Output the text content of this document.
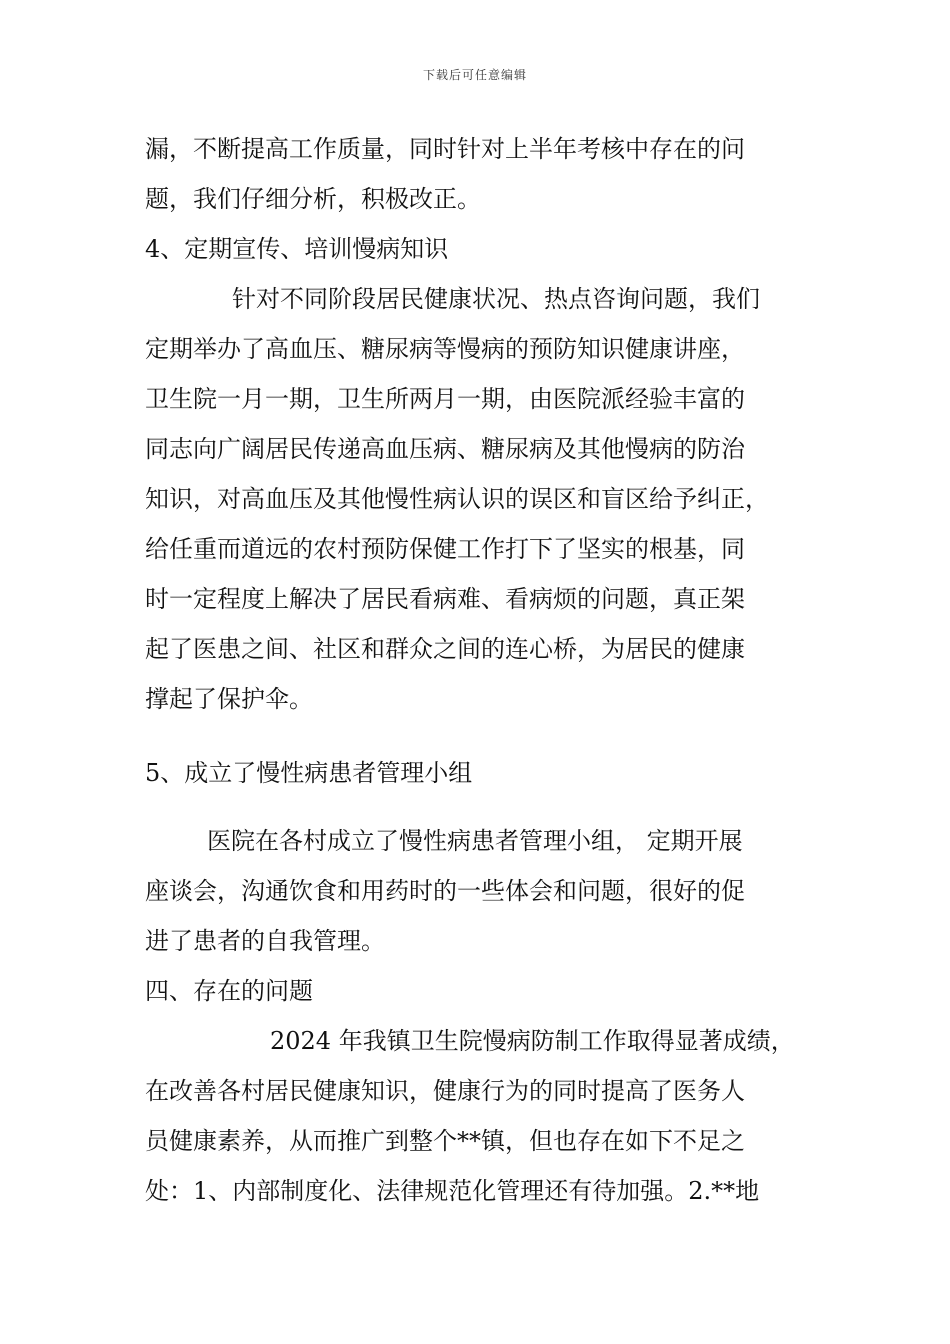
下载后可任意编辑
漏，不断提高工作质量，同时针对上半年考核中存在的问
题，我们仔细分析，积极改正。
4、定期宣传、培训慢病知识
针对不同阶段居民健康状况、热点咨询问题，我们
定期举办了高血压、糖尿病等慢病的预防知识健康讲座，
卫生院一月一期，卫生所两月一期，由医院派经验丰富的
同志向广阔居民传递高血压病、糖尿病及其他慢病的防治
知识，对高血压及其他慢性病认识的误区和盲区给予纠正，
给任重而道远的农村预防保健工作打下了坚实的根基，同
时一定程度上解决了居民看病难、看病烦的问题，真正架
起了医患之间、社区和群众之间的连心桥，为居民的健康
撑起了保护伞。
5、成立了慢性病患者管理小组
医院在各村成立了慢性病患者管理小组， 定期开展
座谈会，沟通饮食和用药时的一些体会和问题，很好的促
进了患者的自我管理。
四、存在的问题
2024 年我镇卫生院慢病防制工作取得显著成绩，
在改善各村居民健康知识，健康行为的同时提高了医务人
员健康素养，从而推广到整个**镇，但也存在如下不足之
处：1、内部制度化、法律规范化管理还有待加强。2.**地
